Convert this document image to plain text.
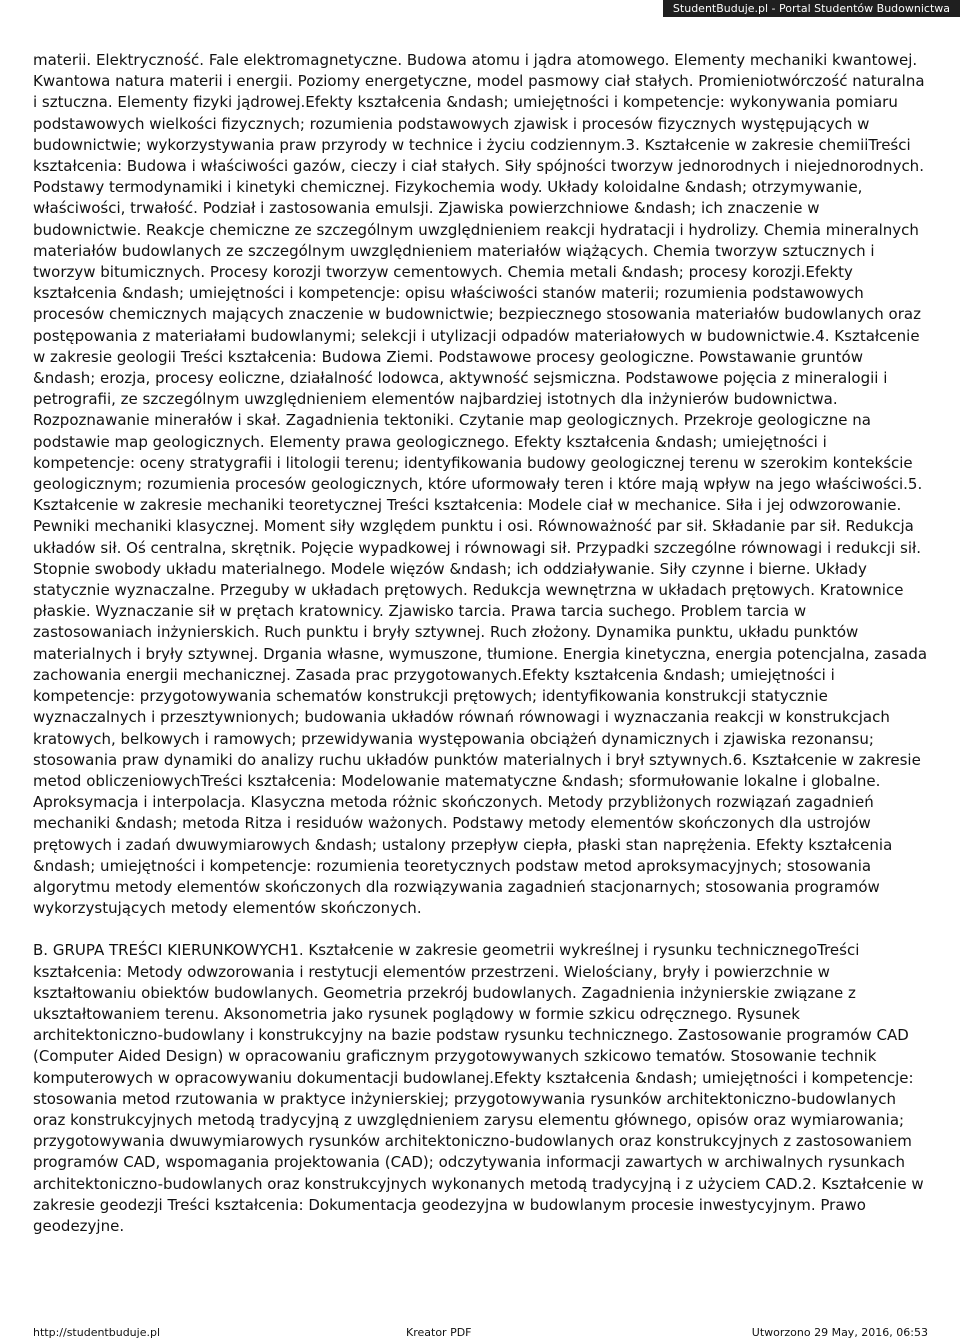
StudentBuduje.pl - Portal Studentów Budownictwa

materii. Elektryczność. Fale elektromagnetyczne. Budowa atomu i jądra atomowego. Elementy mechaniki kwantowej. Kwantowa natura materii i energii. Poziomy energetyczne, model pasmowy ciał stałych. Promieniotwórczość naturalna i sztuczna. Elementy fizyki jądrowej.Efekty kształcenia &ndash; umiejętności i kompetencje: wykonywania pomiaru podstawowych wielkości fizycznych; rozumienia podstawowych zjawisk i procesów fizycznych występujących w budownictwie; wykorzystywania praw przyrody w technice i życiu codziennym.3. Kształcenie w zakresie chemiiTreści kształcenia: Budowa i właściwości gazów, cieczy i ciał stałych. Siły spójności tworzyw jednorodnych i niejednorodnych. Podstawy termodynamiki i kinetyki chemicznej. Fizykochemia wody. Układy koloidalne &ndash; otrzymywanie, właściwości, trwałość. Podział i zastosowania emulsji. Zjawiska powierzchniowe &ndash; ich znaczenie w budownictwie. Reakcje chemiczne ze szczególnym uwzględnieniem reakcji hydratacji i hydrolizy. Chemia mineralnych materiałów budowlanych ze szczególnym uwzględnieniem materiałów wiążących. Chemia tworzyw sztucznych i tworzyw bitumicznych. Procesy korozji tworzyw cementowych. Chemia metali &ndash; procesy korozji.Efekty kształcenia &ndash; umiejętności i kompetencje: opisu właściwości stanów materii; rozumienia podstawowych procesów chemicznych mających znaczenie w budownictwie; bezpiecznego stosowania materiałów budowlanych oraz postępowania z materiałami budowlanymi; selekcji i utylizacji odpadów materiałowych w budownictwie.4. Kształcenie w zakresie geologii Treści kształcenia: Budowa Ziemi. Podstawowe procesy geologiczne. Powstawanie gruntów &ndash; erozja, procesy eoliczne, działalność lodowca, aktywność sejsmiczna. Podstawowe pojęcia z mineralogii i petrografii, ze szczególnym uwzględnieniem elementów najbardziej istotnych dla inżynierów budownictwa. Rozpoznawanie minerałów i skał. Zagadnienia tektoniki. Czytanie map geologicznych. Przekroje geologiczne na podstawie map geologicznych. Elementy prawa geologicznego. Efekty kształcenia &ndash; umiejętności i kompetencje: oceny stratygrafii i litologii terenu; identyfikowania budowy geologicznej terenu w szerokim kontekście geologicznym; rozumienia procesów geologicznych, które uformowały teren i które mają wpływ na jego właściwości.5. Kształcenie w zakresie mechaniki teoretycznej Treści kształcenia: Modele ciał w mechanice. Siła i jej odwzorowanie. Pewniki mechaniki klasycznej. Moment siły względem punktu i osi. Równoważność par sił. Składanie par sił. Redukcja układów sił. Oś centralna, skrętnik. Pojęcie wypadkowej i równowagi sił. Przypadki szczególne równowagi i redukcji sił. Stopnie swobody układu materialnego. Modele więzów &ndash; ich oddziaływanie. Siły czynne i bierne. Układy statycznie wyznaczalne. Przeguby w układach prętowych. Redukcja wewnętrzna w układach prętowych. Kratownice płaskie. Wyznaczanie sił w prętach kratownicy. Zjawisko tarcia. Prawa tarcia suchego. Problem tarcia w zastosowaniach inżynierskich. Ruch punktu i bryły sztywnej. Ruch złożony. Dynamika punktu, układu punktów materialnych i bryły sztywnej. Drgania własne, wymuszone, tłumione. Energia kinetyczna, energia potencjalna, zasada zachowania energii mechanicznej. Zasada prac przygotowanych.Efekty kształcenia &ndash; umiejętności i kompetencje: przygotowywania schematów konstrukcji prętowych; identyfikowania konstrukcji statycznie wyznaczalnych i przesztywnionych; budowania układów równań równowagi i wyznaczania reakcji w konstrukcjach kratowych, belkowych i ramowych; przewidywania występowania obciążeń dynamicznych i zjawiska rezonansu; stosowania praw dynamiki do analizy ruchu układów punktów materialnych i brył sztywnych.6. Kształcenie w zakresie metod obliczeniowychTreści kształcenia: Modelowanie matematyczne &ndash; sformułowanie lokalne i globalne. Aproksymacja i interpolacja. Klasyczna metoda różnic skończonych. Metody przybliżonych rozwiązań zagadnień mechaniki &ndash; metoda Ritza i residuów ważonych. Podstawy metody elementów skończonych dla ustrojów prętowych i zadań dwuwymiarowych &ndash; ustalony przepływ ciepła, płaski stan naprężenia. Efekty kształcenia &ndash; umiejętności i kompetencje: rozumienia teoretycznych podstaw metod aproksymacyjnych; stosowania algorytmu metody elementów skończonych dla rozwiązywania zagadnień stacjonarnych; stosowania programów wykorzystujących metody elementów skończonych.

B. GRUPA TREŚCI KIERUNKOWYCH1. Kształcenie w zakresie geometrii wykreślnej i rysunku technicznegoTreści kształcenia: Metody odwzorowania i restytucji elementów przestrzeni. Wielościany, bryły i powierzchnie w kształtowaniu obiektów budowlanych. Geometria przekrój budowlanych. Zagadnienia inżynierskie związane z ukształtowaniem terenu. Aksonometria jako rysunek poglądowy w formie szkicu odręcznego. Rysunek architektoniczno-budowlany i konstrukcyjny na bazie podstaw rysunku technicznego. Zastosowanie programów CAD (Computer Aided Design) w opracowaniu graficznym przygotowywanych szkicowo tematów. Stosowanie technik komputerowych w opracowywaniu dokumentacji budowlanej.Efekty kształcenia &ndash; umiejętności i kompetencje: stosowania metod rzutowania w praktyce inżynierskiej; przygotowywania rysunków architektoniczno-budowlanych oraz konstrukcyjnych metodą tradycyjną z uwzględnieniem zarysu elementu głównego, opisów oraz wymiarowania; przygotowywania dwuwymiarowych rysunków architektoniczno-budowlanych oraz konstrukcyjnych z zastosowaniem programów CAD, wspomagania projektowania (CAD); odczytywania informacji zawartych w archiwalnych rysunkach architektoniczno-budowlanych oraz konstrukcyjnych wykonanych metodą tradycyjną i z użyciem CAD.2. Kształcenie w zakresie geodezji Treści kształcenia: Dokumentacja geodezyjna w budowlanym procesie inwestycyjnym. Prawo geodezyjne.

http://studentbuduje.pl	Kreator PDF	Utworzono 29 May, 2016, 06:53
